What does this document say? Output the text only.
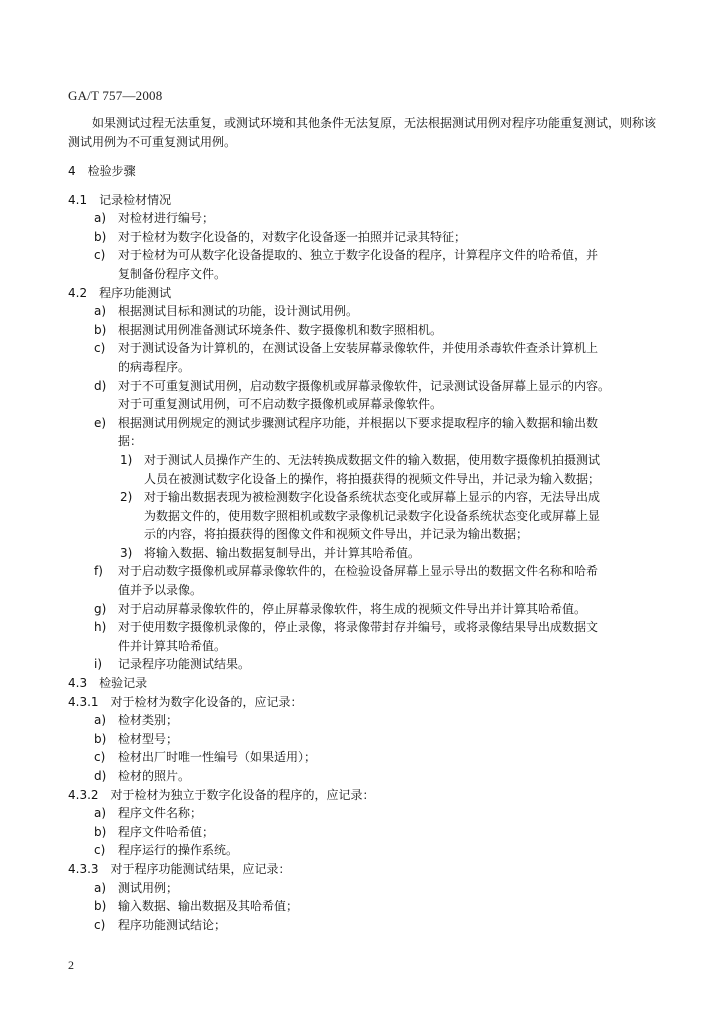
GA/T 757—2008

如果测试过程无法重复，或测试环境和其他条件无法复原，无法根据测试用例对程序功能重复测试，则称该测试用例为不可重复测试用例。

4 检验步骤
4.1 记录检材情况
a) 对检材进行编号；
b) 对于检材为数字化设备的，对数字化设备逐一拍照并记录其特征；
c) 对于检材为可从数字化设备提取的、独立于数字化设备的程序，计算程序文件的哈希值，并
复制备份程序文件。
4.2 程序功能测试
a) 根据测试目标和测试的功能，设计测试用例。
b) 根据测试用例准备测试环境条件、数字摄像机和数字照相机。
c) 对于测试设备为计算机的，在测试设备上安装屏幕录像软件，并使用杀毒软件查杀计算机上
的病毒程序。
d) 对于不可重复测试用例，启动数字摄像机或屏幕录像软件，记录测试设备屏幕上显示的内容。
对于可重复测试用例，可不启动数字摄像机或屏幕录像软件。
e) 根据测试用例规定的测试步骤测试程序功能，并根据以下要求提取程序的输入数据和输出数
据：
1) 对于测试人员操作产生的、无法转换成数据文件的输入数据，使用数字摄像机拍摄测试
人员在被测试数字化设备上的操作，将拍摄获得的视频文件导出，并记录为输入数据；
2) 对于输出数据表现为被检测数字化设备系统状态变化或屏幕上显示的内容，无法导出成
为数据文件的，使用数字照相机或数字录像机记录数字化设备系统状态变化或屏幕上显
示的内容，将拍摄获得的图像文件和视频文件导出，并记录为输出数据；
3) 将输入数据、输出数据复制导出，并计算其哈希值。
f) 对于启动数字摄像机或屏幕录像软件的，在检验设备屏幕上显示导出的数据文件名称和哈希
值并予以录像。
g) 对于启动屏幕录像软件的，停止屏幕录像软件，将生成的视频文件导出并计算其哈希值。
h) 对于使用数字摄像机录像的，停止录像，将录像带封存并编号，或将录像结果导出成数据文
件并计算其哈希值。
i) 记录程序功能测试结果。
4.3 检验记录
4.3.1 对于检材为数字化设备的，应记录：
a) 检材类别；
b) 检材型号；
c) 检材出厂时唯一性编号（如果适用）；
d) 检材的照片。
4.3.2 对于检材为独立于数字化设备的程序的，应记录：
a) 程序文件名称；
b) 程序文件哈希值；
c) 程序运行的操作系统。
4.3.3 对于程序功能测试结果，应记录：
a) 测试用例；
b) 输入数据、输出数据及其哈希值；
c) 程序功能测试结论；
2
